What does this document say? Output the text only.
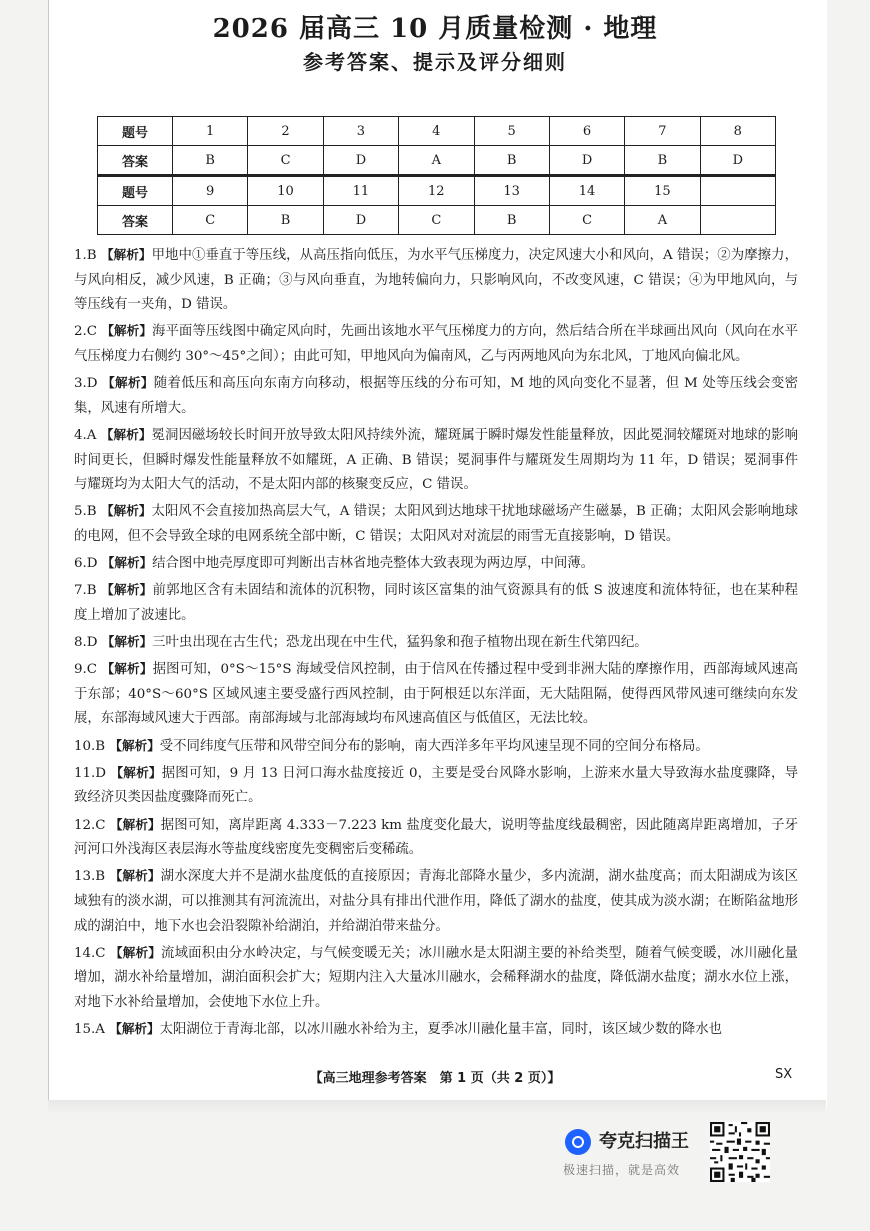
2026 届高三 10 月质量检测 · 地理
参考答案、提示及评分细则
题号	1	2	3	4	5	6	7	8
答案	B	C	D	A	B	D	B	D
题号	9	10	11	12	13	14	15	
答案	C	B	D	C	B	C	A	
1.B 【解析】甲地中①垂直于等压线，从高压指向低压，为水平气压梯度力，决定风速大小和风向，A 错误；②为摩擦力，与风向相反，减少风速，B 正确；③与风向垂直，为地转偏向力，只影响风向，不改变风速，C 错误；④为甲地风向，与等压线有一夹角，D 错误。
2.C 【解析】海平面等压线图中确定风向时，先画出该地水平气压梯度力的方向，然后结合所在半球画出风向（风向在水平气压梯度力右侧约 30°～45°之间）；由此可知，甲地风向为偏南风，乙与丙两地风向为东北风，丁地风向偏北风。
3.D 【解析】随着低压和高压向东南方向移动，根据等压线的分布可知，M 地的风向变化不显著，但 M 处等压线会变密集，风速有所增大。
4.A 【解析】冕洞因磁场较长时间开放导致太阳风持续外流，耀斑属于瞬时爆发性能量释放，因此冕洞较耀斑对地球的影响时间更长，但瞬时爆发性能量释放不如耀斑，A 正确、B 错误；冕洞事件与耀斑发生周期均为 11 年，D 错误；冕洞事件与耀斑均为太阳大气的活动，不是太阳内部的核聚变反应，C 错误。
5.B 【解析】太阳风不会直接加热高层大气，A 错误；太阳风到达地球干扰地球磁场产生磁暴，B 正确；太阳风会影响地球的电网，但不会导致全球的电网系统全部中断，C 错误；太阳风对对流层的雨雪无直接影响，D 错误。
6.D 【解析】结合图中地壳厚度即可判断出吉林省地壳整体大致表现为两边厚，中间薄。
7.B 【解析】前郭地区含有未固结和流体的沉积物，同时该区富集的油气资源具有的低 S 波速度和流体特征，也在某种程度上增加了波速比。
8.D 【解析】三叶虫出现在古生代；恐龙出现在中生代，猛犸象和孢子植物出现在新生代第四纪。
9.C 【解析】据图可知，0°S～15°S 海域受信风控制，由于信风在传播过程中受到非洲大陆的摩擦作用，西部海域风速高于东部；40°S～60°S 区域风速主要受盛行西风控制，由于阿根廷以东洋面，无大陆阻隔，使得西风带风速可继续向东发展，东部海域风速大于西部。南部海域与北部海域均布风速高值区与低值区，无法比较。
10.B 【解析】受不同纬度气压带和风带空间分布的影响，南大西洋多年平均风速呈现不同的空间分布格局。
11.D 【解析】据图可知，9 月 13 日河口海水盐度接近 0，主要是受台风降水影响，上游来水量大导致海水盐度骤降，导致经济贝类因盐度骤降而死亡。
12.C 【解析】据图可知，离岸距离 4.333－7.223 km 盐度变化最大，说明等盐度线最稠密，因此随离岸距离增加，子牙河河口外浅海区表层海水等盐度线密度先变稠密后变稀疏。
13.B 【解析】湖水深度大并不是湖水盐度低的直接原因；青海北部降水量少，多内流湖，湖水盐度高；而太阳湖成为该区域独有的淡水湖，可以推测其有河流流出，对盐分具有排出代泄作用，降低了湖水的盐度，使其成为淡水湖；在断陷盆地形成的湖泊中，地下水也会沿裂隙补给湖泊，并给湖泊带来盐分。
14.C 【解析】流域面积由分水岭决定，与气候变暖无关；冰川融水是太阳湖主要的补给类型，随着气候变暖，冰川融化量增加，湖水补给量增加，湖泊面积会扩大；短期内注入大量冰川融水，会稀释湖水的盐度，降低湖水盐度；湖水水位上涨，对地下水补给量增加，会使地下水位上升。
15.A 【解析】太阳湖位于青海北部，以冰川融水补给为主，夏季冰川融化量丰富，同时，该区域少数的降水也
【高三地理参考答案　第 1 页（共 2 页）】	SX
夸克扫描王
极速扫描，就是高效
